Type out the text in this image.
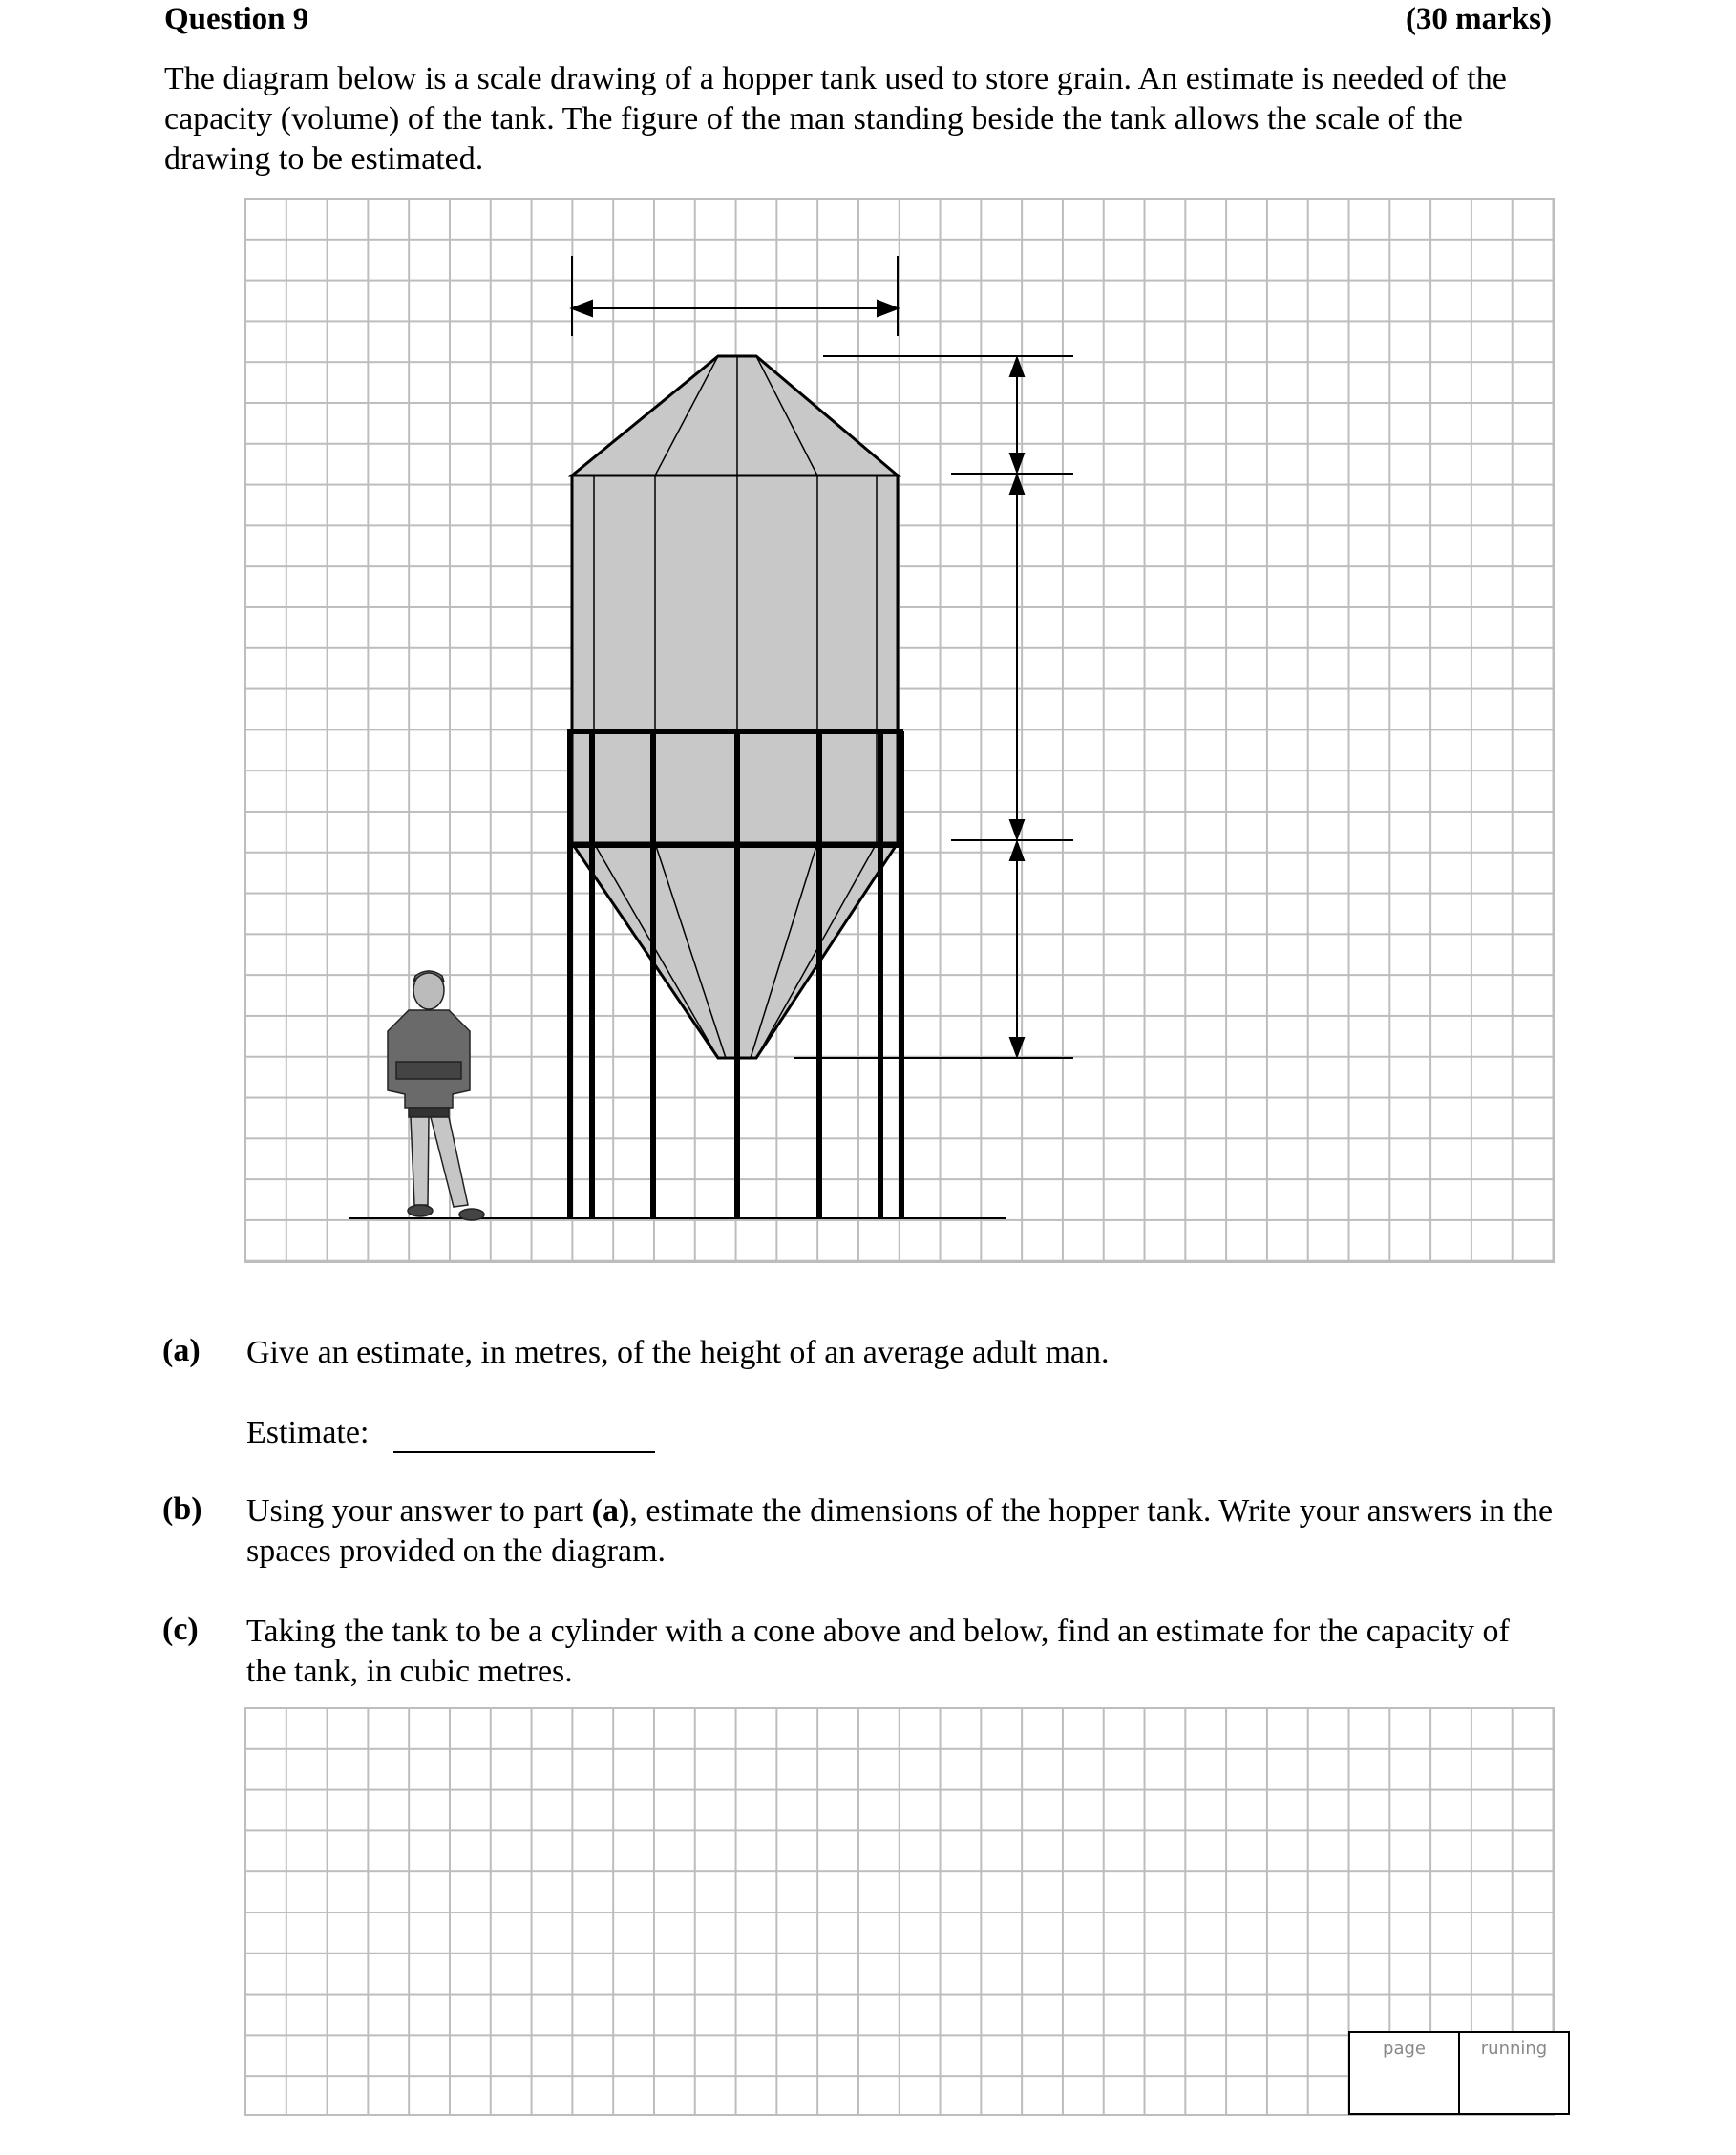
Question 9	(30 marks)
The diagram below is a scale drawing of a hopper tank used to store grain. An estimate is needed of the capacity (volume) of the tank. The figure of the man standing beside the tank allows the scale of the drawing to be estimated.
(a) Give an estimate, in metres, of the height of an average adult man.
Estimate:
(b) Using your answer to part (a), estimate the dimensions of the hopper tank. Write your answers in the spaces provided on the diagram.
(c) Taking the tank to be a cylinder with a cone above and below, find an estimate for the capacity of the tank, in cubic metres.
page	running
